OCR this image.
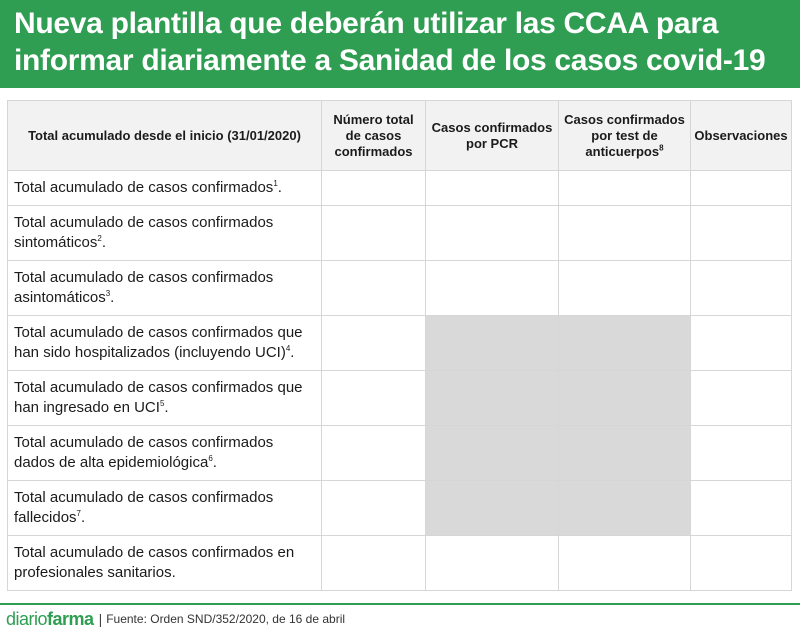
Nueva plantilla que deberán utilizar las CCAA para
informar diariamente a Sanidad de los casos covid-19
Total acumulado desde el inicio (31/01/2020)	Número total de casos confirmados	Casos confirmados por PCR	Casos confirmados por test de anticuerpos$^8$	Observaciones
Total acumulado de casos confirmados$^1$.				
Total acumulado de casos confirmados sintomáticos$^2$.				
Total acumulado de casos confirmados asintomáticos$^3$.				
Total acumulado de casos confirmados que han sido hospitalizados (incluyendo UCI)$^4$.				
Total acumulado de casos confirmados que han ingresado en UCI$^5$.				
Total acumulado de casos confirmados dados de alta epidemiológica$^6$.				
Total acumulado de casos confirmados fallecidos$^7$.				
Total acumulado de casos confirmados en profesionales sanitarios.				
diario farma | Fuente: Orden SND/352/2020, de 16 de abril
